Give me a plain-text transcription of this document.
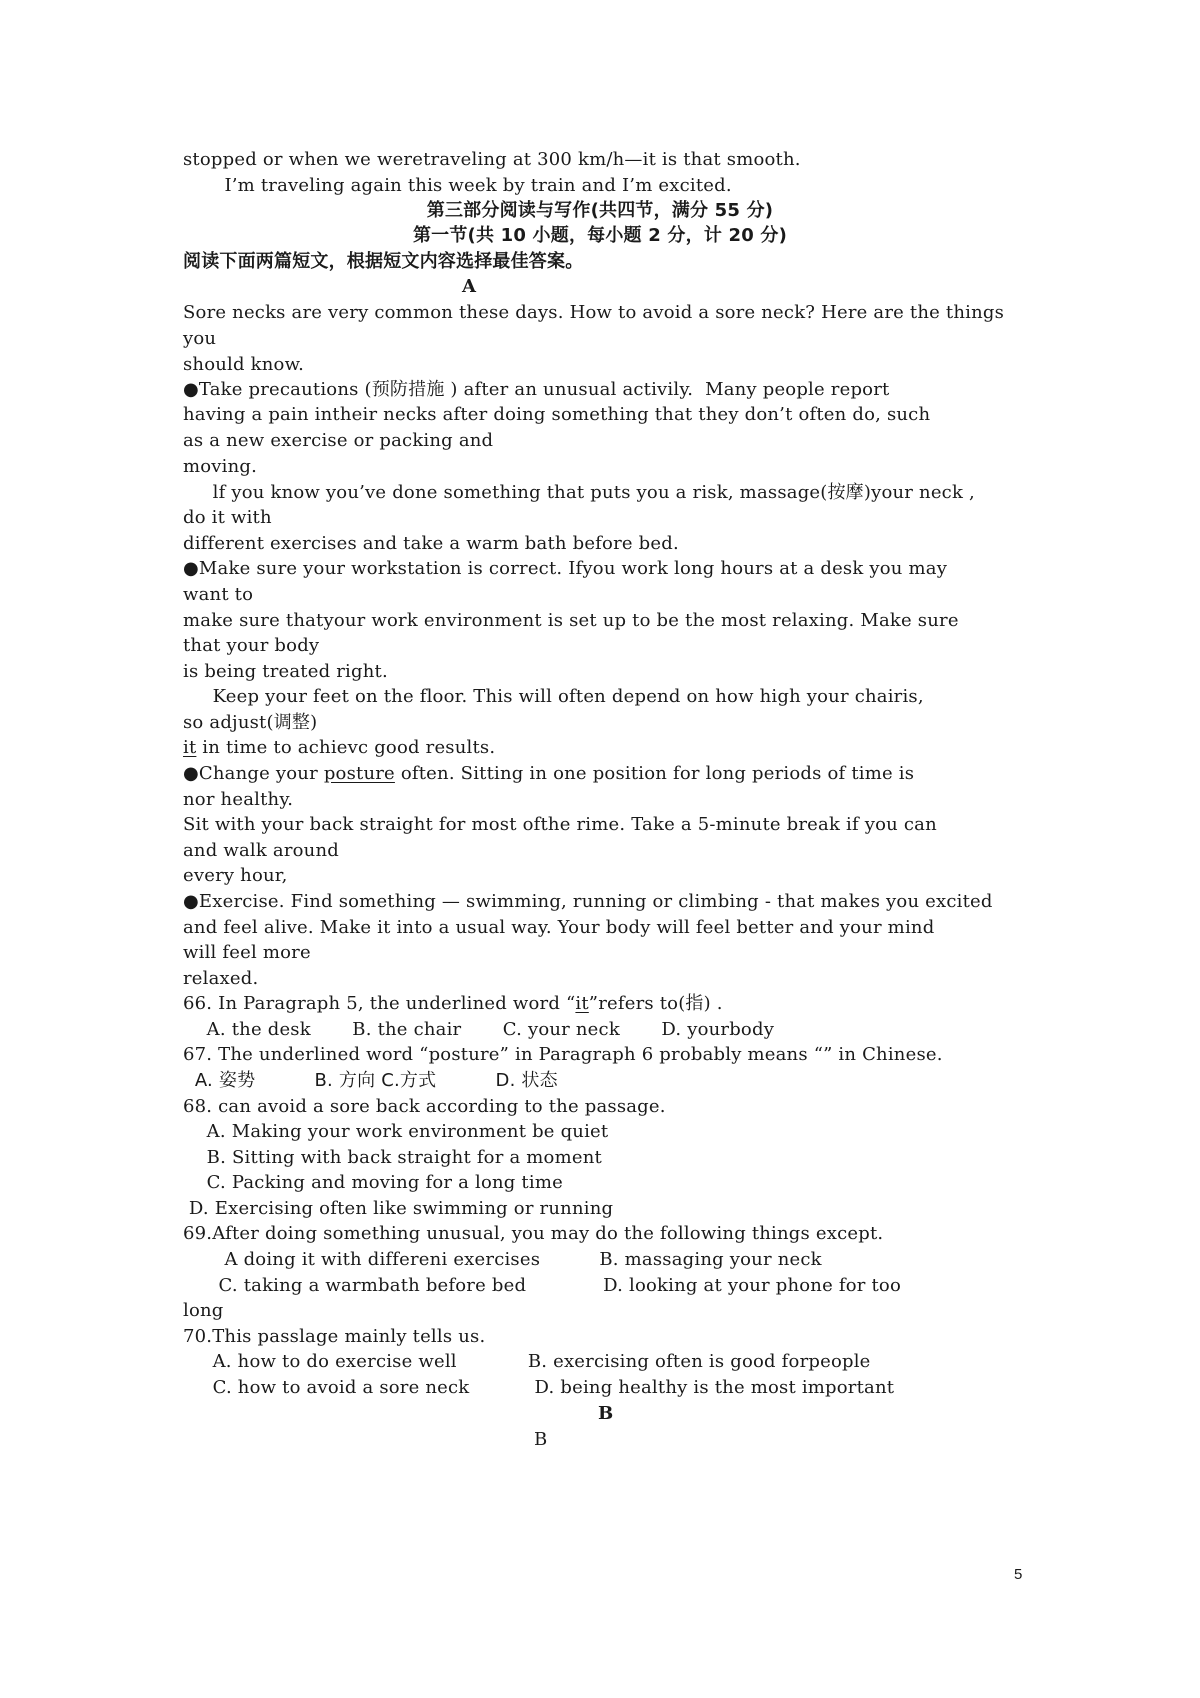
stopped or when we weretraveling at 300 km/h—it is that smooth.

I’m traveling again this week by train and I’m excited.

第三部分阅读与写作(共四节，满分 55 分)

第一节(共 10 小题，每小题 2 分，计 20 分)

阅读下面两篇短文，根据短文内容选择最佳答案。

A

Sore necks are very common these days. How to avoid a sore neck? Here are the things

you

should know.

●Take precautions (预防措施 ) after an unusual activily.  Many people report

having a pain intheir necks after doing something that they don’t often do, such

as a new exercise or packing and

moving.

lf you know you’ve done something that puts you a risk, massage(按摩)your neck ,

do it with

different exercises and take a warm bath before bed.

●Make sure your workstation is correct. Ifyou work long hours at a desk you may

want to

make sure thatyour work environment is set up to be the most relaxing. Make sure

that your body

is being treated right.

Keep your feet on the floor. This will often depend on how high your chairis,

so adjust(调整)

it in time to achievc good results.

●Change your posture often. Sitting in one position for long periods of time is

nor healthy.

Sit with your back straight for most ofthe rime. Take a 5-minute break if you can

and walk around

every hour,

●Exercise. Find something — swimming, running or climbing - that makes you excited

and feel alive. Make it into a usual way. Your body will feel better and your mind

will feel more

relaxed.

66. In Paragraph 5, the underlined word “it”refers to(指) .

A. the desk       B. the chair       C. your neck       D. yourbody

67. The underlined word “posture” in Paragraph 6 probably means “” in Chinese.

A. 姿势          B. 方向 C.方式          D. 状态

68. can avoid a sore back according to the passage.

A. Making your work environment be quiet

B. Sitting with back straight for a moment

C. Packing and moving for a long time

D. Exercising often like swimming or running

69.After doing something unusual, you may do the following things except.

A doing it with differeni exercises          B. massaging your neck

C. taking a warmbath before bed             D. looking at your phone for too

long

70.This passlage mainly tells us.

A. how to do exercise well            B. exercising often is good forpeople

C. how to avoid a sore neck           D. being healthy is the most important

B

B

5
